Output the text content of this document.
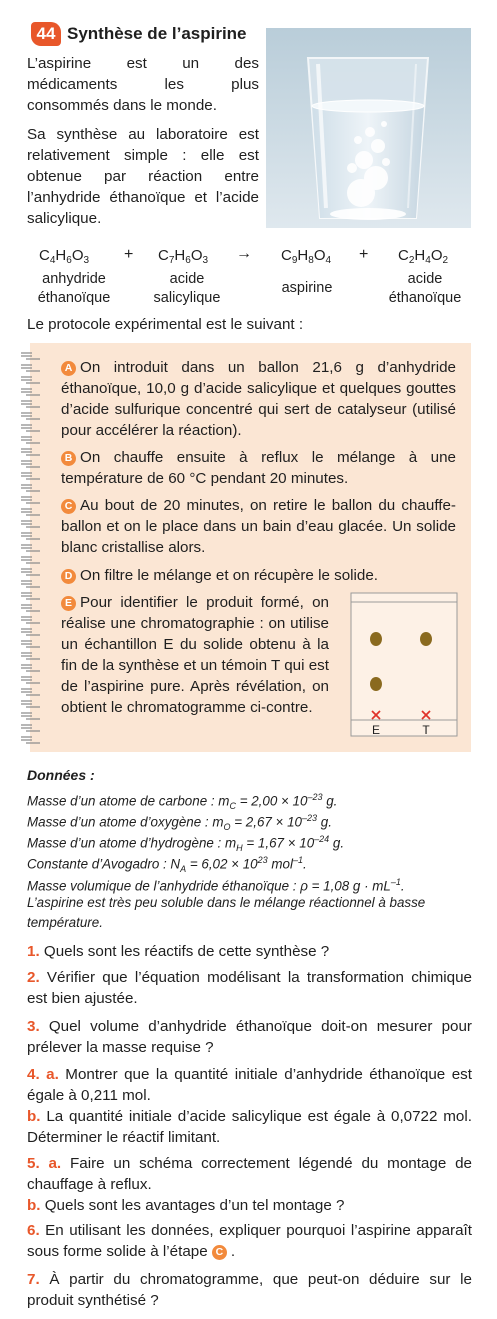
44 Synthèse de l’aspirine

L’aspirine est un des médicaments les plus consommés dans le monde.

Sa synthèse au laboratoire est relativement simple : elle est obtenue par réaction entre l’anhydride éthanoïque et l’acide salicylique.

$C_4H_6O_3 + C_7H_6O_3 \to C_9H_8O_4 + C_2H_4O_2$
anhydride
éthanoïque
acide
salicylique
aspirine
acide
éthanoïque

Le protocole expérimental est le suivant :

A On introduit dans un ballon 21,6 g d’anhydride éthanoïque, 10,0 g d’acide salicylique et quelques gouttes d’acide sulfurique concentré qui sert de catalyseur (utilisé pour accélérer la réaction).

B On chauffe ensuite à reflux le mélange à une température de 60 °C pendant 20 minutes.

C Au bout de 20 minutes, on retire le ballon du chauffe-ballon et on le place dans un bain d’eau glacée. Un solide blanc cristallise alors.

D On filtre le mélange et on récupère le solide.

E Pour identifier le produit formé, on réalise une chromatographie : on utilise un échantillon E du solide obtenu à la fin de la synthèse et un témoin T qui est de l’aspirine pure. Après révélation, on obtient le chromatogramme ci-contre.

E	T

Données :

Masse d’un atome de carbone : $m_C = 2,00 \times 10^{-23}$ g.

Masse d’un atome d’oxygène : $m_O = 2,67 \times 10^{-23}$ g.

Masse d’un atome d’hydrogène : $m_H = 1,67 \times 10^{-24}$ g.

Constante d’Avogadro : $N_A = 6,02 \times 10^{23}$ mol$^{-1}$.

Masse volumique de l’anhydride éthanoïque : ρ = 1,08 $g \cdot mL^{-1}$.

L’aspirine est très peu soluble dans le mélange réactionnel à basse

température.

1. Quels sont les réactifs de cette synthèse ?

2. Vérifier que l’équation modélisant la transformation chimique est bien ajustée.

3. Quel volume d’anhydride éthanoïque doit-on mesurer pour prélever la masse requise ?

4. a. Montrer que la quantité initiale d’anhydride éthanoïque est égale à 0,211 mol.

b. La quantité initiale d’acide salicylique est égale à 0,0722 mol. Déterminer le réactif limitant.

5. a. Faire un schéma correctement légendé du montage de chauffage à reflux.

b. Quels sont les avantages d’un tel montage ?

6. En utilisant les données, expliquer pourquoi l’aspirine apparaît sous forme solide à l’étape C .

7. À partir du chromatogramme, que peut-on déduire sur le produit synthétisé ?
